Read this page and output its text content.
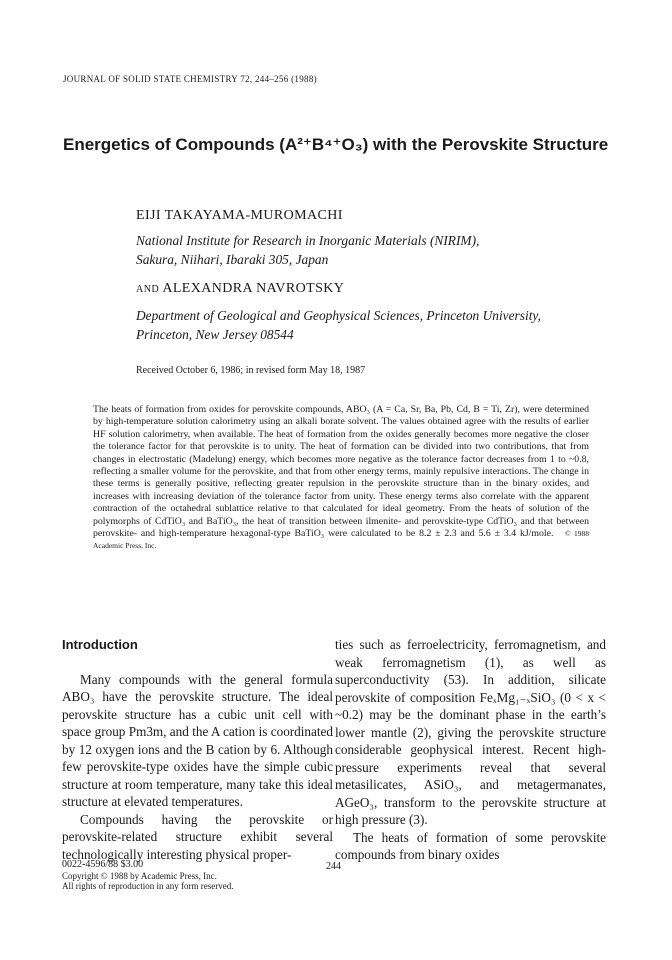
JOURNAL OF SOLID STATE CHEMISTRY 72, 244–256 (1988)
Energetics of Compounds (A²⁺B⁴⁺O₃) with the Perovskite Structure
EIJI TAKAYAMA-MUROMACHI
National Institute for Research in Inorganic Materials (NIRIM),
Sakura, Niihari, Ibaraki 305, Japan
AND ALEXANDRA NAVROTSKY
Department of Geological and Geophysical Sciences, Princeton University,
Princeton, New Jersey 08544
Received October 6, 1986; in revised form May 18, 1987
The heats of formation from oxides for perovskite compounds, ABO₃ (A = Ca, Sr, Ba, Pb, Cd, B = Ti, Zr), were determined by high-temperature solution calorimetry using an alkali borate solvent. The values obtained agree with the results of earlier HF solution calorimetry, when available. The heat of formation from the oxides generally becomes more negative the closer the tolerance factor for that perovskite is to unity. The heat of formation can be divided into two contributions, that from changes in electrostatic (Madelung) energy, which becomes more negative as the tolerance factor decreases from 1 to ~0.8, reflecting a smaller volume for the perovskite, and that from other energy terms, mainly repulsive interactions. The change in these terms is generally positive, reflecting greater repulsion in the perovskite structure than in the binary oxides, and increases with increasing deviation of the tolerance factor from unity. These energy terms also correlate with the apparent contraction of the octahedral sublattice relative to that calculated for ideal geometry. From the heats of solution of the polymorphs of CdTiO₃ and BaTiO₃, the heat of transition between ilmenite- and perovskite-type CdTiO₃ and that between perovskite- and high-temperature hexagonal-type BaTiO₃ were calculated to be 8.2 ± 2.3 and 5.6 ± 3.4 kJ/mole. © 1988 Academic Press, Inc.

Introduction

Many compounds with the general formula ABO₃ have the perovskite structure. The ideal perovskite structure has a cubic unit cell with space group Pm3m, and the A cation is coordinated by 12 oxygen ions and the B cation by 6. Although few perovskite-type oxides have the simple cubic structure at room temperature, many take this ideal structure at elevated temperatures.

Compounds having the perovskite or perovskite-related structure exhibit several technologically interesting physical proper-

ties such as ferroelectricity, ferromagnetism, and weak ferromagnetism (1), as well as superconductivity (53). In addition, silicate perovskite of composition FeₓMg₁₋ₓSiO₃ (0 < x < ~0.2) may be the dominant phase in the earth’s lower mantle (2), giving the perovskite structure considerable geophysical interest. Recent high-pressure experiments reveal that several metasilicates, ASiO₃, and metagermanates, AGeO₃, transform to the perovskite structure at high pressure (3).

The heats of formation of some perovskite compounds from binary oxides

0022-4596/88 $3.00
Copyright © 1988 by Academic Press, Inc.
All rights of reproduction in any form reserved.
244
